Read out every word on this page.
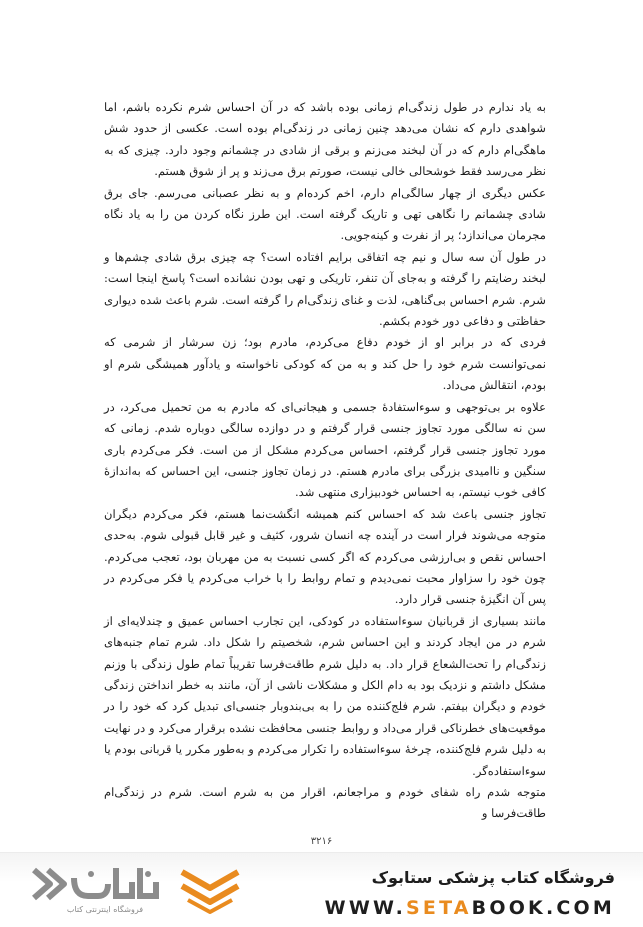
به یاد ندارم در طول زندگی‌ام زمانی بوده باشد که در آن احساس شرم نکرده باشم، اما شواهدی دارم که نشان می‌دهد چنین زمانی در زندگی‌ام بوده است. عکسی از حدود شش ماهگی‌ام دارم که در آن لبخند می‌زنم و برقی از شادی در چشمانم وجود دارد. چیزی که به نظر می‌رسد فقط خوشحالی خالی نیست، صورتم برق می‌زند و پر از شوق هستم.

عکس دیگری از چهار سالگی‌ام دارم، اخم کرده‌ام و به نظر عصبانی می‌رسم. جای برق شادی چشمانم را نگاهی تهی و تاریک گرفته است. این طرز نگاه کردن من را به یاد نگاه مجرمان می‌اندازد؛ پر از نفرت و کینه‌جویی.

در طول آن سه سال و نیم چه اتفاقی برایم افتاده است؟ چه چیزی برق شادی چشم‌ها و لبخند رضایتم را گرفته و به‌جای آن تنفر، تاریکی و تهی بودن نشانده است؟ پاسخ اینجا است: شرم. شرم احساس بی‌گناهی، لذت و غنای زندگی‌ام را گرفته است. شرم باعث شده دیواری حفاظتی و دفاعی دور خودم بکشم.

فردی که در برابر او از خودم دفاع می‌کردم، مادرم بود؛ زن سرشار از شرمی که نمی‌توانست شرم خود را حل کند و به من که کودکی ناخواسته و یادآور همیشگی شرم او بودم، انتقالش می‌داد.

علاوه بر بی‌توجهی و سوءاستفادهٔ جسمی و هیجانی‌ای که مادرم به من تحمیل می‌کرد، در سن نه سالگی مورد تجاوز جنسی قرار گرفتم و در دوازده سالگی دوباره شدم. زمانی که مورد تجاوز جنسی قرار گرفتم، احساس می‌کردم مشکل از من است. فکر می‌کردم باری سنگین و ناامیدی بزرگی برای مادرم هستم. در زمان تجاوز جنسی، این احساس که به‌اندازهٔ کافی خوب نیستم، به احساس خودبیزاری منتهی شد.

تجاوز جنسی باعث شد که احساس کنم همیشه انگشت‌نما هستم، فکر می‌کردم دیگران متوجه می‌شوند فرار است در آینده چه انسان شرور، کثیف و غیر قابل قبولی شوم. به‌حدی احساس نقص و بی‌ارزشی می‌کردم که اگر کسی نسبت به من مهربان بود، تعجب می‌کردم. چون خود را سزاوار محبت نمی‌دیدم و تمام روابط را با خراب می‌کردم یا فکر می‌کردم در پس آن انگیزهٔ جنسی قرار دارد.

مانند بسیاری از قربانیان سوءاستفاده در کودکی، این تجارب احساس عمیق و چندلایه‌ای از شرم در من ایجاد کردند و این احساس شرم، شخصیتم را شکل داد. شرم تمام جنبه‌های زندگی‌ام را تحت‌الشعاع قرار داد. به دلیل شرم طاقت‌فرسا تقریباً تمام طول زندگی با وزنم مشکل داشتم و نزدیک بود به دام الکل و مشکلات ناشی از آن، مانند به خطر انداختن زندگی خودم و دیگران بیفتم. شرم فلج‌کننده من را به بی‌بندوبار جنسی‌ای تبدیل کرد که خود را در موقعیت‌های خطرناکی قرار می‌داد و روابط جنسی محافظت نشده برقرار می‌کرد و در نهایت به دلیل شرم فلج‌کننده، چرخهٔ سوءاستفاده را تکرار می‌کردم و به‌طور مکرر یا قربانی بودم یا سوءاستفاده‌گر.

متوجه شدم راه شفای خودم و مراجعانم، اقرار من به شرم است. شرم در زندگی‌ام طاقت‌فرسا و

۳۲۱۶
فروشگاه کتاب پزشکی ستابوک
WWW.SETABOOK.COM
فروشگاه اینترنتی کتاب
